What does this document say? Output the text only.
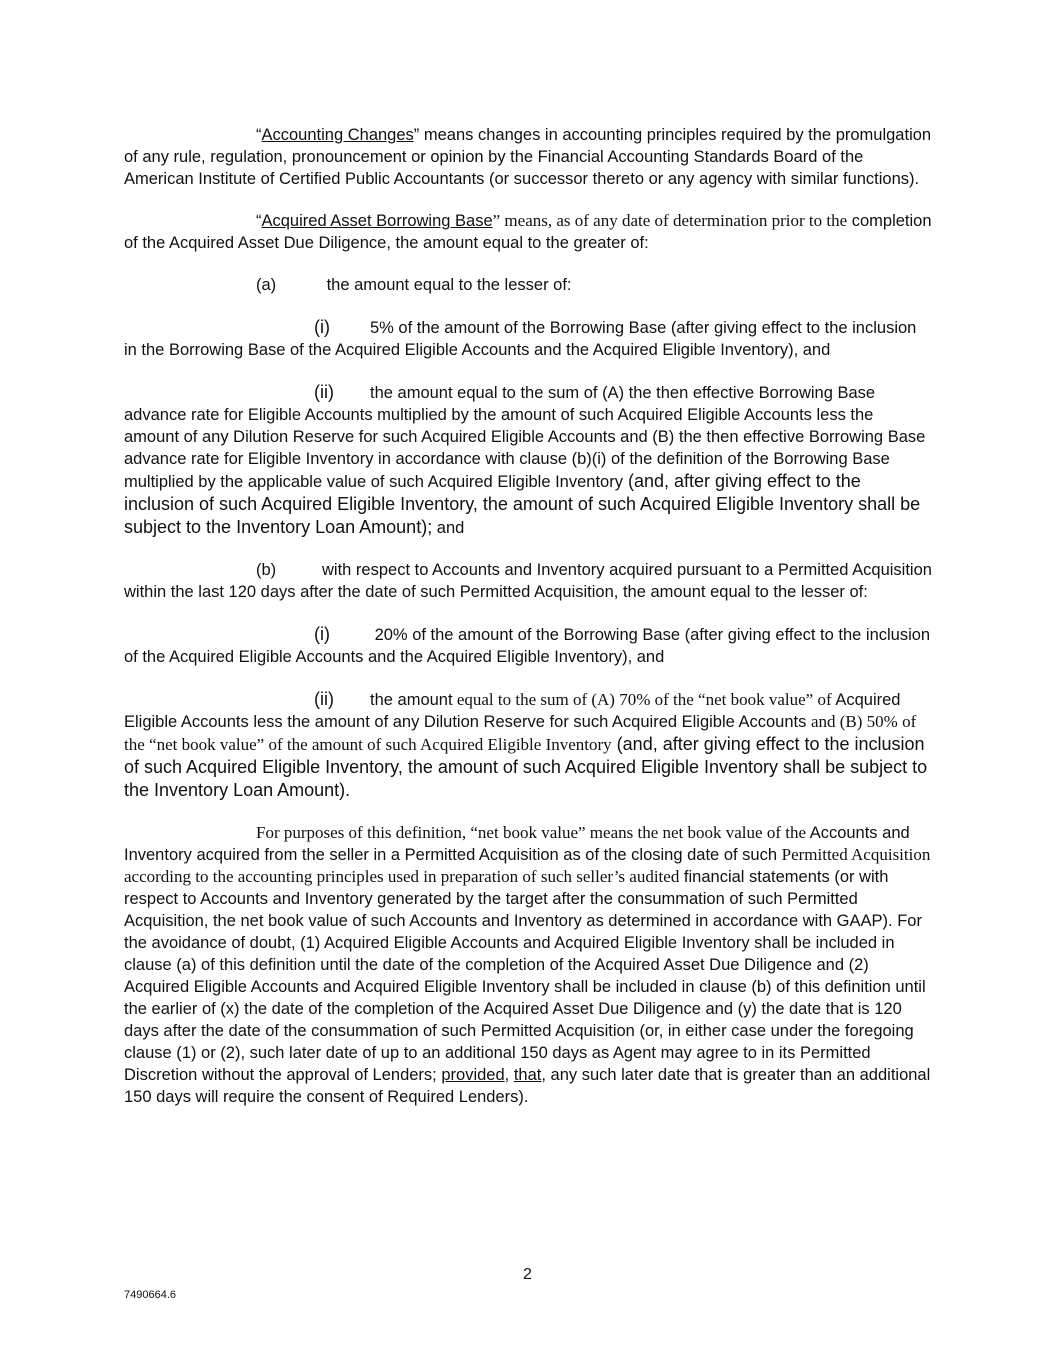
“Accounting Changes” means changes in accounting principles required by the promulgation of any rule, regulation, pronouncement or opinion by the Financial Accounting Standards Board of the American Institute of Certified Public Accountants (or successor thereto or any agency with similar functions).

“Acquired Asset Borrowing Base” means, as of any date of determination prior to the completion of the Acquired Asset Due Diligence, the amount equal to the greater of:

(a)	the amount equal to the lesser of:

(i) 5% of the amount of the Borrowing Base (after giving effect to the inclusion in the Borrowing Base of the Acquired Eligible Accounts and the Acquired Eligible Inventory), and

(ii) the amount equal to the sum of (A) the then effective Borrowing Base advance rate for Eligible Accounts multiplied by the amount of such Acquired Eligible Accounts less the amount of any Dilution Reserve for such Acquired Eligible Accounts and (B) the then effective Borrowing Base advance rate for Eligible Inventory in accordance with clause (b)(i) of the definition of the Borrowing Base multiplied by the applicable value of such Acquired Eligible Inventory (and, after giving effect to the inclusion of such Acquired Eligible Inventory, the amount of such Acquired Eligible Inventory shall be subject to the Inventory Loan Amount); and

(b)	with respect to Accounts and Inventory acquired pursuant to a Permitted Acquisition within the last 120 days after the date of such Permitted Acquisition, the amount equal to the lesser of:

(i) 20% of the amount of the Borrowing Base (after giving effect to the inclusion of the Acquired Eligible Accounts and the Acquired Eligible Inventory), and

(ii) the amount equal to the sum of (A) 70% of the “net book value” of Acquired Eligible Accounts less the amount of any Dilution Reserve for such Acquired Eligible Accounts and (B) 50% of the “net book value” of the amount of such Acquired Eligible Inventory (and, after giving effect to the inclusion of such Acquired Eligible Inventory, the amount of such Acquired Eligible Inventory shall be subject to the Inventory Loan Amount).

For purposes of this definition, “net book value” means the net book value of the Accounts and Inventory acquired from the seller in a Permitted Acquisition as of the closing date of such Permitted Acquisition according to the accounting principles used in preparation of such seller’s audited financial statements (or with respect to Accounts and Inventory generated by the target after the consummation of such Permitted Acquisition, the net book value of such Accounts and Inventory as determined in accordance with GAAP). For the avoidance of doubt, (1) Acquired Eligible Accounts and Acquired Eligible Inventory shall be included in clause (a) of this definition until the date of the completion of the Acquired Asset Due Diligence and (2) Acquired Eligible Accounts and Acquired Eligible Inventory shall be included in clause (b) of this definition until the earlier of (x) the date of the completion of the Acquired Asset Due Diligence and (y) the date that is 120 days after the date of the consummation of such Permitted Acquisition (or, in either case under the foregoing clause (1) or (2), such later date of up to an additional 150 days as Agent may agree to in its Permitted Discretion without the approval of Lenders; provided, that, any such later date that is greater than an additional 150 days will require the consent of Required Lenders).

2
7490664.6
